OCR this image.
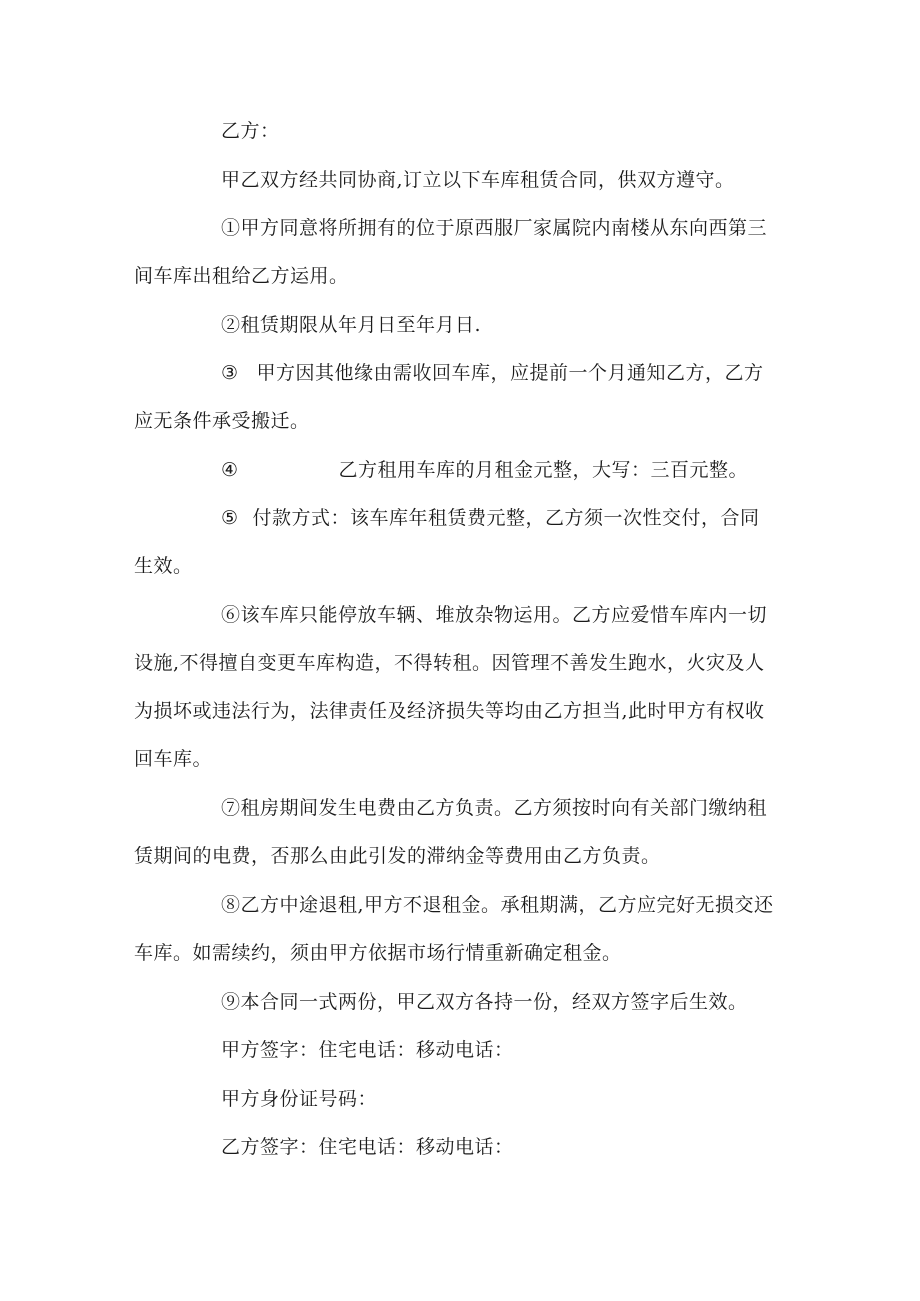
乙方：
甲乙双方经共同协商,订立以下车库租赁合同，供双方遵守。
①甲方同意将所拥有的位于原西服厂家属院内南楼从东向西第三
间车库出租给乙方运用。
②租赁期限从年月日至年月日.
③ 甲方因其他缘由需收回车库，应提前一个月通知乙方，乙方
应无条件承受搬迁。
④	乙方租用车库的月租金元整，大写：三百元整。
⑤ 付款方式：该车库年租赁费元整，乙方须一次性交付，合同
生效。
⑥该车库只能停放车辆、堆放杂物运用。乙方应爱惜车库内一切
设施,不得擅自变更车库构造，不得转租。因管理不善发生跑水，火灾及人
为损坏或违法行为，法律责任及经济损失等均由乙方担当,此时甲方有权收
回车库。
⑦租房期间发生电费由乙方负责。乙方须按时向有关部门缴纳租
赁期间的电费，否那么由此引发的滞纳金等费用由乙方负责。
⑧乙方中途退租,甲方不退租金。承租期满，乙方应完好无损交还
车库。如需续约，须由甲方依据市场行情重新确定租金。
⑨本合同一式两份，甲乙双方各持一份，经双方签字后生效。
甲方签字：住宅电话：移动电话：
甲方身份证号码：
乙方签字：住宅电话：移动电话：
